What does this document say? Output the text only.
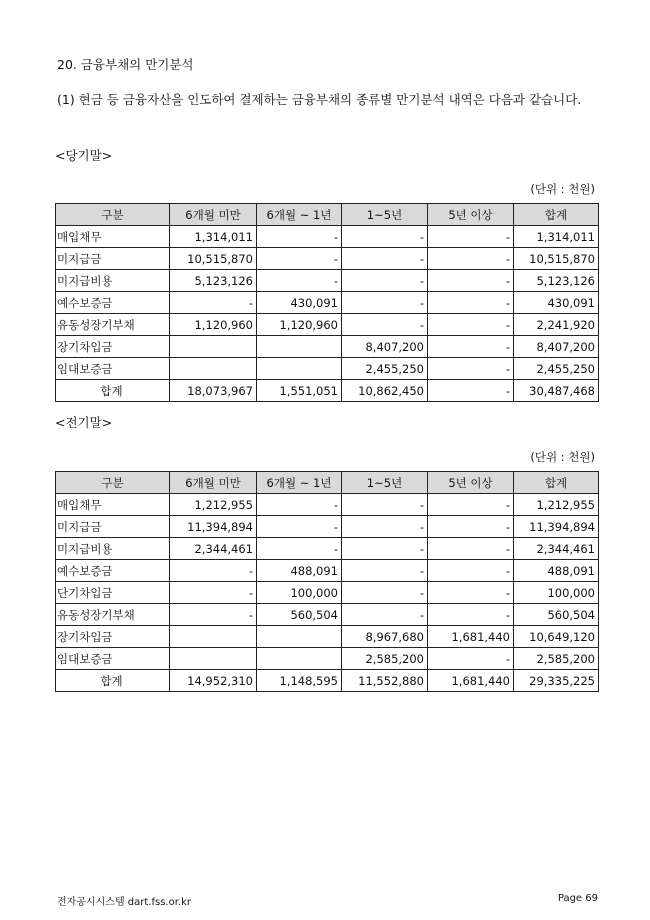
20. 금융부채의 만기분석
(1) 현금 등 금융자산을 인도하여 결제하는 금융부채의 종류별 만기분석 내역은 다음과 같습니다.
<당기말>
(단위 : 천원)
구분	6개월 미만	6개월 ~ 1년	1~5년	5년 이상	합계
매입채무	1,314,011	-	-	-	1,314,011
미지급금	10,515,870	-	-	-	10,515,870
미지급비용	5,123,126	-	-	-	5,123,126
예수보증금	-	430,091	-	-	430,091
유동성장기부채	1,120,960	1,120,960	-	-	2,241,920
장기차입금			8,407,200	-	8,407,200
임대보증금			2,455,250	-	2,455,250
합계	18,073,967	1,551,051	10,862,450	-	30,487,468
<전기말>
(단위 : 천원)
구분	6개월 미만	6개월 ~ 1년	1~5년	5년 이상	합계
매입채무	1,212,955	-	-	-	1,212,955
미지급금	11,394,894	-	-	-	11,394,894
미지급비용	2,344,461	-	-	-	2,344,461
예수보증금	-	488,091	-	-	488,091
단기차입금	-	100,000	-	-	100,000
유동성장기부채	-	560,504	-	-	560,504
장기차입금			8,967,680	1,681,440	10,649,120
임대보증금			2,585,200	-	2,585,200
합계	14,952,310	1,148,595	11,552,880	1,681,440	29,335,225
전자공시시스템 dart.fss.or.kr	Page 69
